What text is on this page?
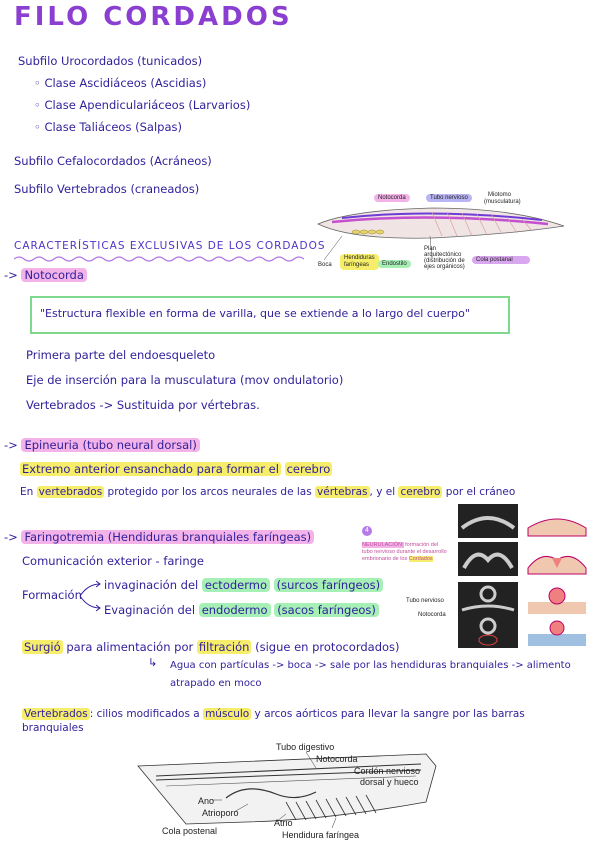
FILO CORDADOS
Subfilo Urocordados (tunicados)
◦ Clase Ascidiáceos (Ascidias)
◦ Clase Apendiculariáceos (Larvarios)
◦ Clase Taliáceos (Salpas)
Subfilo Cefalocordados (Acráneos)
Subfilo Vertebrados (craneados)
Notocorda	Tubo nervioso	Miotomo
(musculatura)
Boca
Hendiduras
faríngeas	Endostilo
Plan
arquitectónico
(distribución de
ejes orgánicos)
Cola postanal
CARACTERÍSTICAS EXCLUSIVAS DE LOS CORDADOS
-> Notocorda
"Estructura flexible en forma de varilla, que se extiende a lo largo del cuerpo"
Primera parte del endoesqueleto
Eje de inserción para la musculatura (mov ondulatorio)
Vertebrados -> Sustituida por vértebras.
-> Epineuria (tubo neural dorsal)
Extremo anterior ensanchado para formar el cerebro
En vertebrados protegido por los arcos neurales de las vértebras , y el cerebro por el cráneo
-> Faringotremia (Hendiduras branquiales faríngeas)
Comunicación exterior - faringe
Formación
invaginación del ectodermo (surcos faríngeos)
Evaginación del endodermo (sacos faríngeos)
Surgió para alimentación por filtración (sigue en protocordados)
↳ Agua con partículas -> boca -> sale por las hendiduras branquiales -> alimento
atrapado en moco
Vertebrados : cilios modificados a músculo y arcos aórticos para llevar la sangre por las barras
branquiales
4
NEURULACIÓN: formación del tubo nervioso durante el desarrollo embrionario de los Cordados
Tubo nervioso
Notocorda
Tubo digestivo
Notocorda
Cordón nervioso
dorsal y hueco
Ano
Atrioporo
Atrio
Cola postenal	Hendidura faríngea
